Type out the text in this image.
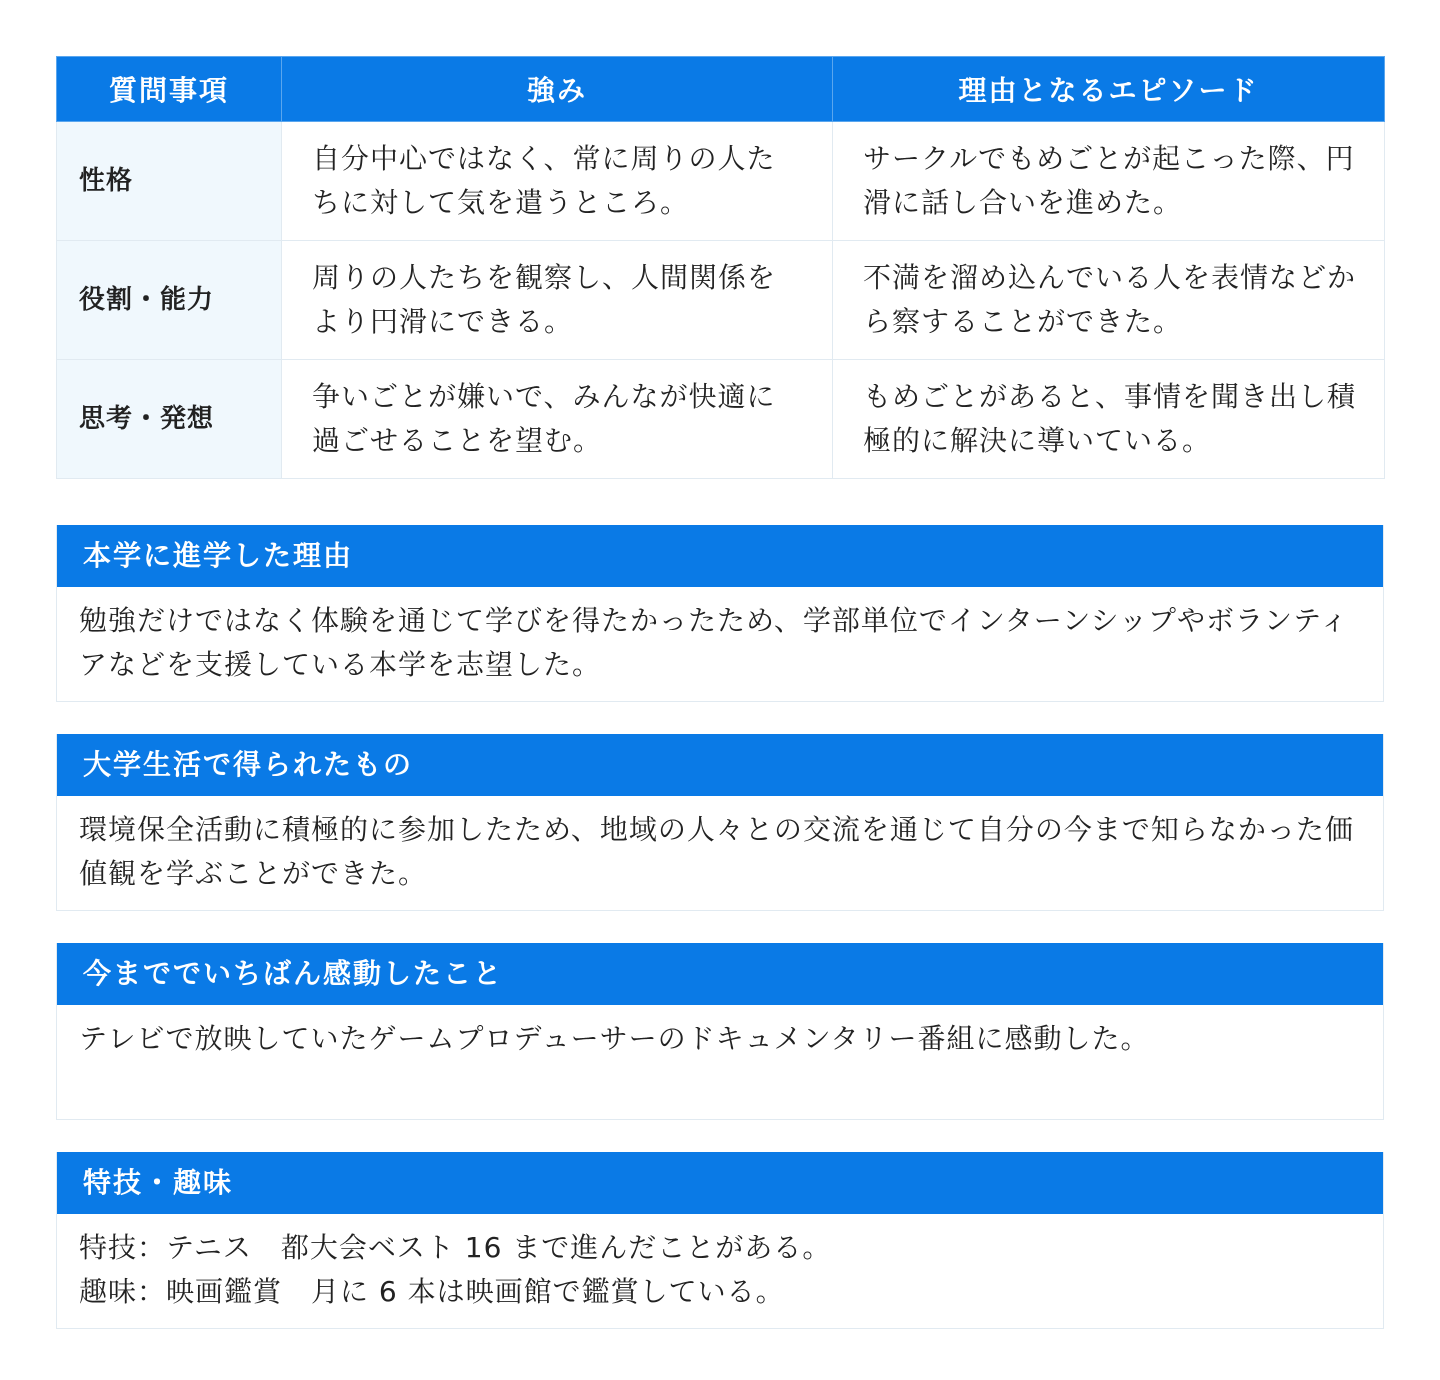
質問事項	強み	理由となるエピソード
性格	自分中心ではなく、常に周りの人たちに対して気を遣うところ。	サークルでもめごとが起こった際、円滑に話し合いを進めた。
役割・能力	周りの人たちを観察し、人間関係をより円滑にできる。	不満を溜め込んでいる人を表情などから察することができた。
思考・発想	争いごとが嫌いで、みんなが快適に過ごせることを望む。	もめごとがあると、事情を聞き出し積極的に解決に導いている。
本学に進学した理由
勉強だけではなく体験を通じて学びを得たかったため、学部単位でインターンシップやボランティアなどを支援している本学を志望した。
大学生活で得られたもの
環境保全活動に積極的に参加したため、地域の人々との交流を通じて自分の今まで知らなかった価値観を学ぶことができた。
今まででいちばん感動したこと
テレビで放映していたゲームプロデューサーのドキュメンタリー番組に感動した。
特技・趣味
特技：テニス　都大会ベスト 16 まで進んだことがある。
趣味：映画鑑賞　月に 6 本は映画館で鑑賞している。
